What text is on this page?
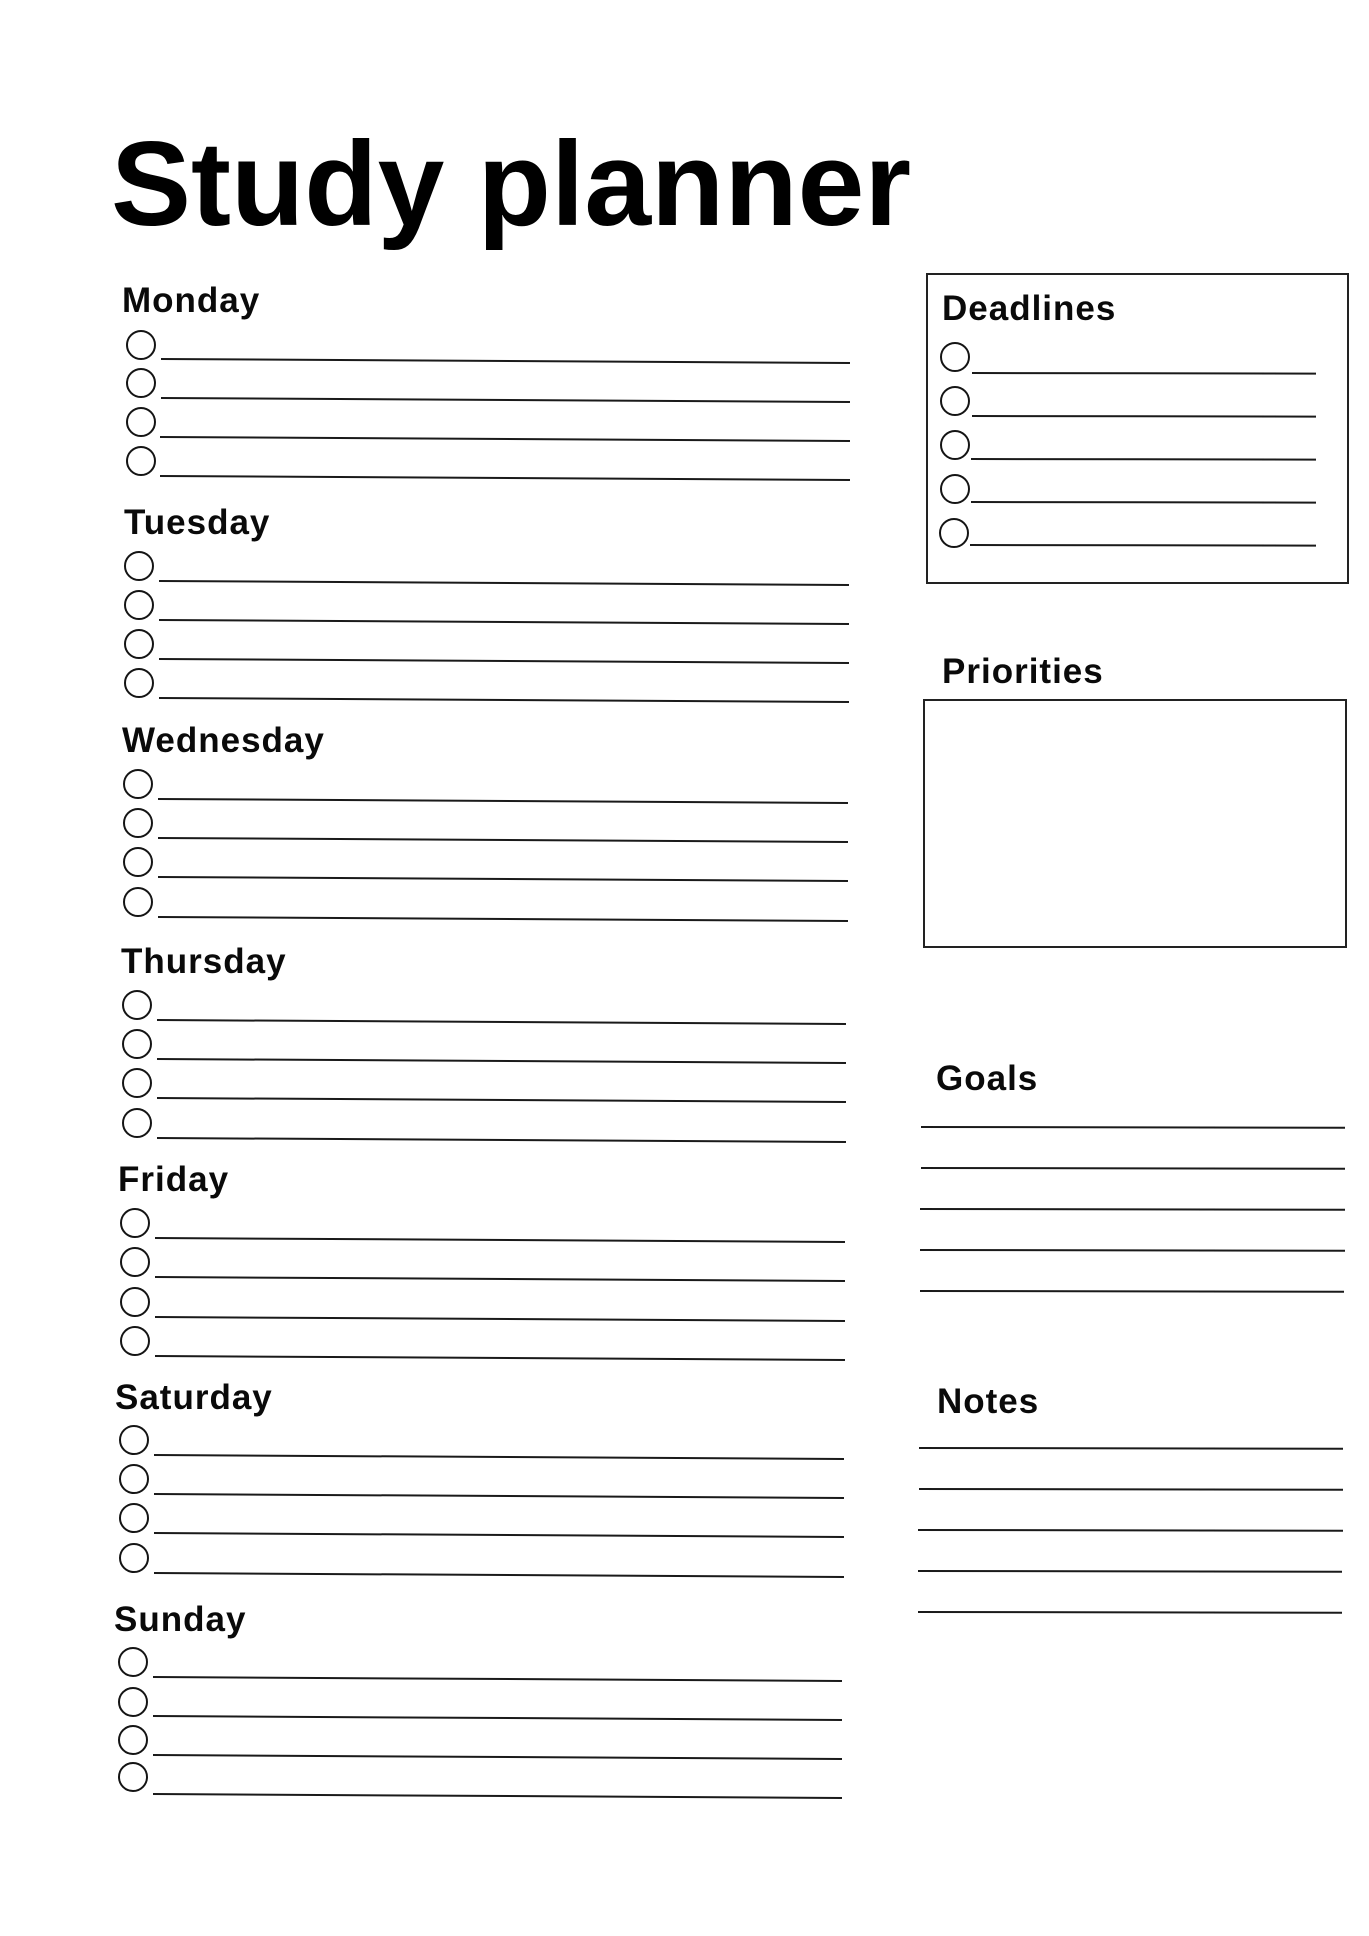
Study planner
Monday
Tuesday
Wednesday
Thursday
Friday
Saturday
Sunday
Deadlines
Priorities
Goals
Notes
